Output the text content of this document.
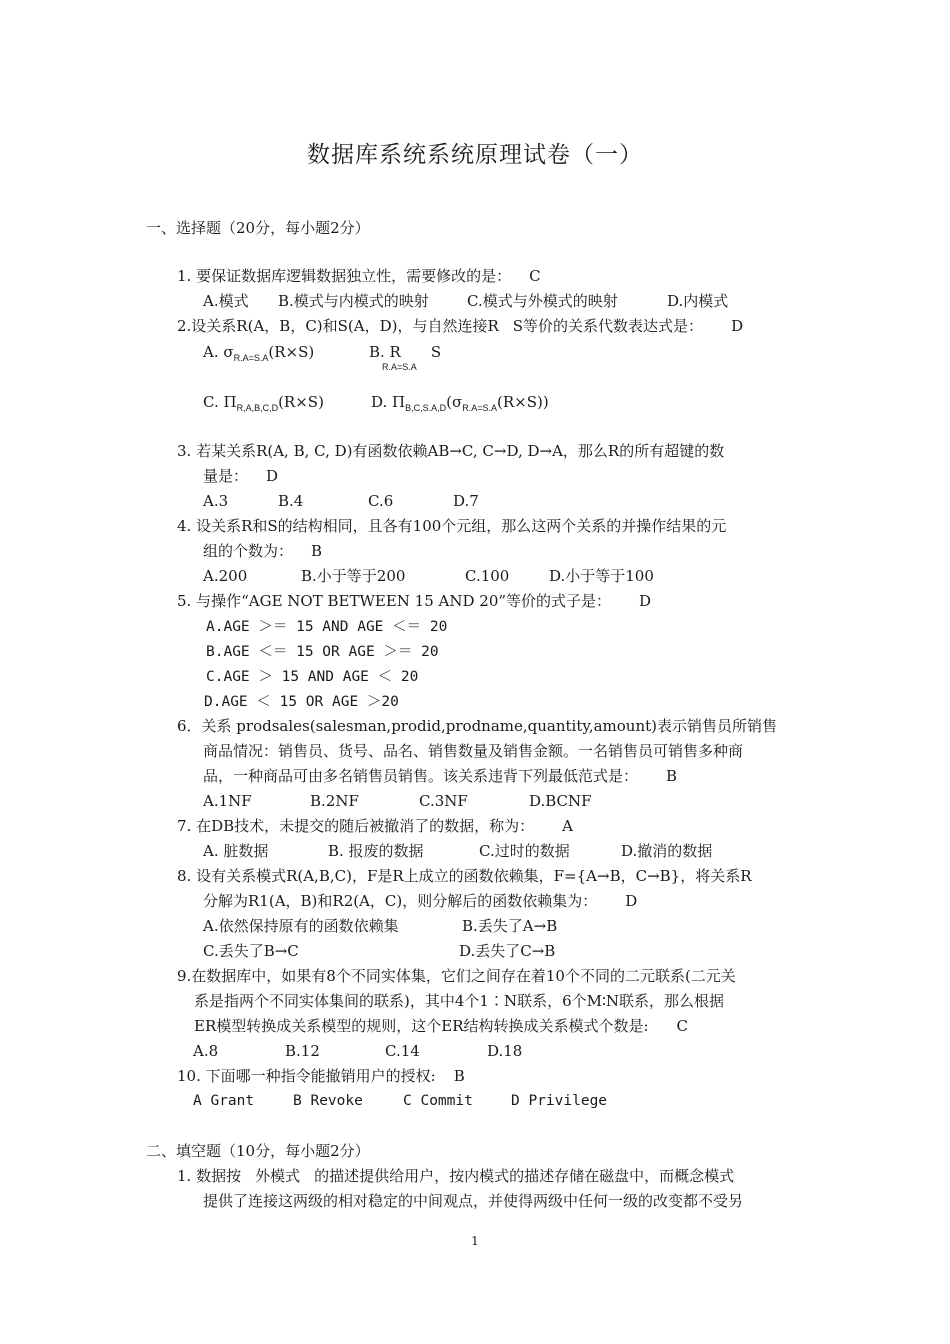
数据库系统系统原理试卷（一）
一、选择题（20分，每小题2分）
1. 要保证数据库逻辑数据独立性，需要修改的是： C
A.模式 B.模式与内模式的映射	C.模式与外模式的映射	D.内模式
2.设关系R(A，B，C)和S(A，D)，与自然连接R S等价的关系代数表达式是： D
A. $\sigma_{R.A=S.A}(R\times S)$	B. R S
R.A=S.A
C. $\Pi_{R,A,B,C,D}(R\times S)$	D. $\Pi_{B,C,S.A,D}(\sigma_{R.A=S.A}(R\times S))$
3. 若某关系R(A, B, C, D)有函数依赖AB→C, C→D, D→A，那么R的所有超键的数
量是： D
A.3	B.4	C.6	D.7
4. 设关系R和S的结构相同，且各有100个元组，那么这两个关系的并操作结果的元
组的个数为： B
A.200	B.小于等于200	C.100	D.小于等于100
5. 与操作“AGE NOT BETWEEN 15 AND 20”等价的式子是： D
A.AGE ＞＝ 15 AND AGE ＜＝ 20
B.AGE ＜＝ 15 OR AGE ＞＝ 20
C.AGE ＞ 15 AND AGE ＜ 20
D.AGE ＜ 15 OR AGE ＞20
6．关系 prodsales(salesman,prodid,prodname,quantity,amount)表示销售员所销售
商品情况：销售员、货号、品名、销售数量及销售金额。一名销售员可销售多种商
品，一种商品可由多名销售员销售。该关系违背下列最低范式是： B
A.1NF	B.2NF	C.3NF	D.BCNF
7. 在DB技术，未提交的随后被撤消了的数据，称为： A
A. 脏数据	B. 报废的数据	C.过时的数据	D.撤消的数据
8. 设有关系模式R(A,B,C)，F是R上成立的函数依赖集，F={A→B，C→B}，将关系R
分解为R1(A，B)和R2(A，C)，则分解后的函数依赖集为： D
A.依然保持原有的函数依赖集	B.丢失了A→B
C.丢失了B→C	D.丢失了C→B
9.在数据库中，如果有8个不同实体集，它们之间存在着10个不同的二元联系(二元关
系是指两个不同实体集间的联系)，其中4个1∶N联系，6个M∶N联系，那么根据
ER模型转换成关系模型的规则，这个ER结构转换成关系模式个数是: C
A.8	B.12	C.14	D.18
10. 下面哪一种指令能撤销用户的授权: B
A Grant	B Revoke	C Commit	D Privilege
二、填空题（10分，每小题2分）
1. 数据按 外模式 的描述提供给用户，按内模式的描述存储在磁盘中，而概念模式
提供了连接这两级的相对稳定的中间观点，并使得两级中任何一级的改变都不受另
1
